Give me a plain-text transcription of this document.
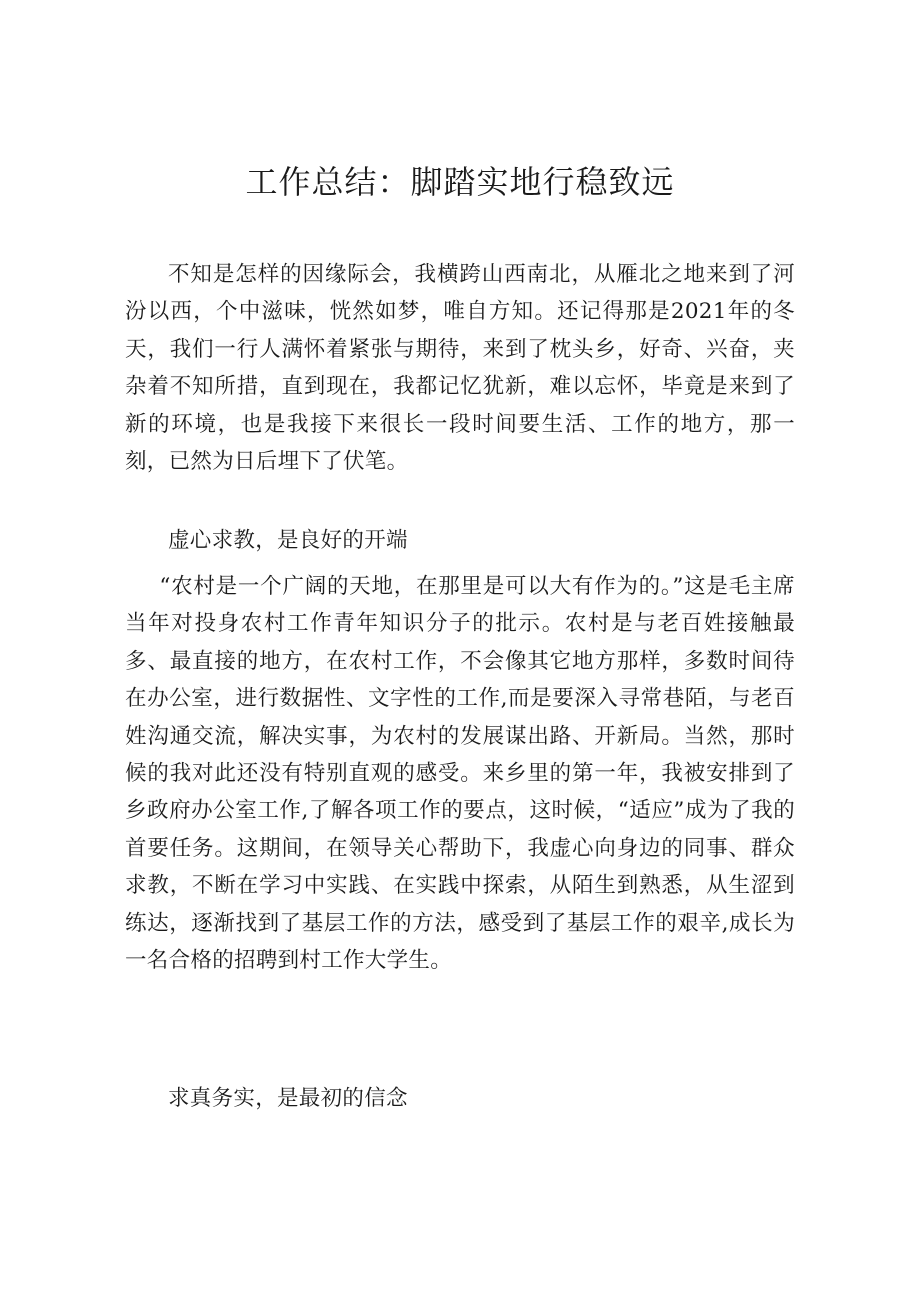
工作总结：脚踏实地行稳致远

不知是怎样的因缘际会，我横跨山西南北，从雁北之地来到了河汾以西，个中滋味，恍然如梦，唯自方知。还记得那是2021年的冬天，我们一行人满怀着紧张与期待，来到了枕头乡，好奇、兴奋，夹杂着不知所措，直到现在，我都记忆犹新，难以忘怀，毕竟是来到了新的环境，也是我接下来很长一段时间要生活、工作的地方，那一刻，已然为日后埋下了伏笔。

虚心求教，是良好的开端

“农村是一个广阔的天地，在那里是可以大有作为的。”这是毛主席当年对投身农村工作青年知识分子的批示。农村是与老百姓接触最多、最直接的地方，在农村工作，不会像其它地方那样，多数时间待在办公室，进行数据性、文字性的工作,而是要深入寻常巷陌，与老百姓沟通交流，解决实事，为农村的发展谋出路、开新局。当然，那时候的我对此还没有特别直观的感受。来乡里的第一年，我被安排到了乡政府办公室工作,了解各项工作的要点，这时候，“适应”成为了我的首要任务。这期间，在领导关心帮助下，我虚心向身边的同事、群众求教，不断在学习中实践、在实践中探索，从陌生到熟悉，从生涩到练达，逐渐找到了基层工作的方法，感受到了基层工作的艰辛,成长为一名合格的招聘到村工作大学生。

求真务实，是最初的信念
